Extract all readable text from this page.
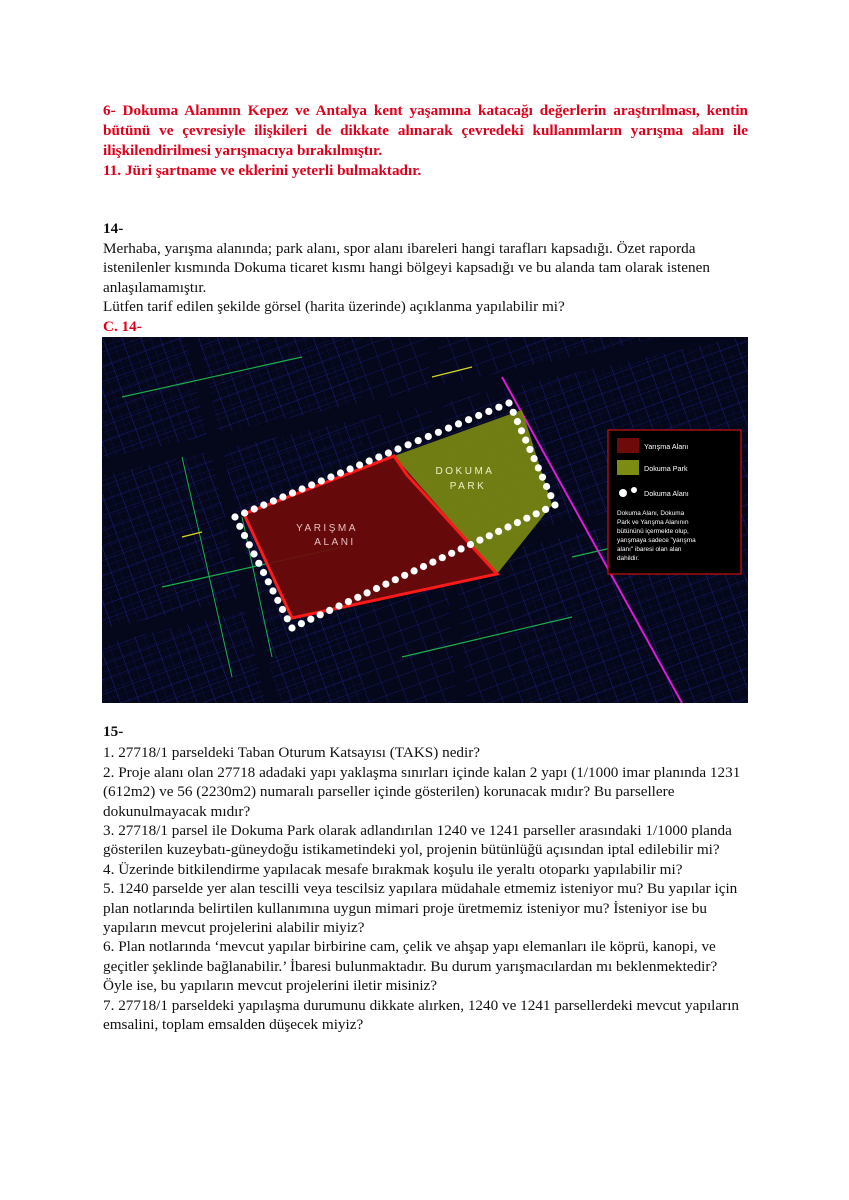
6- Dokuma Alanının Kepez ve Antalya kent yaşamına katacağı değerlerin araştırılması, kentin bütünü ve çevresiyle ilişkileri de dikkate alınarak çevredeki kullanımların yarışma alanı ile ilişkilendirilmesi yarışmacıya bırakılmıştır.

11. Jüri şartname ve eklerini yeterli bulmaktadır.

14-

Merhaba, yarışma alanında; park alanı, spor alanı ibareleri hangi tarafları kapsadığı. Özet raporda istenilenler kısmında Dokuma ticaret kısmı hangi bölgeyi kapsadığı ve bu alanda tam olarak istenen anlaşılamamıştır.

Lütfen tarif edilen şekilde görsel (harita üzerinde) açıklanma yapılabilir mi?

C. 14-

YARIŞMA
ALANI
DOKUMA
PARK
Yarışma Alanı
Dokuma Park
Dokuma Alanı
Dokuma Alanı, Dokuma
Park ve Yarışma Alanının
bütününü içermekte olup,
yarışmaya sadece "yarışma
alanı" ibaresi olan alan
dahildir.

15-

1. 27718/1 parseldeki Taban Oturum Katsayısı (TAKS) nedir?

2. Proje alanı olan 27718 adadaki yapı yaklaşma sınırları içinde kalan 2 yapı (1/1000 imar planında 1231 (612m2) ve 56 (2230m2) numaralı parseller içinde gösterilen) korunacak mıdır? Bu parsellere dokunulmayacak mıdır?

3. 27718/1 parsel ile Dokuma Park olarak adlandırılan 1240 ve 1241 parseller arasındaki 1/1000 planda gösterilen kuzeybatı-güneydoğu istikametindeki yol, projenin bütünlüğü açısından iptal edilebilir mi?

4. Üzerinde bitkilendirme yapılacak mesafe bırakmak koşulu ile yeraltı otoparkı yapılabilir mi?

5. 1240 parselde yer alan tescilli veya tescilsiz yapılara müdahale etmemiz isteniyor mu? Bu yapılar için plan notlarında belirtilen kullanımına uygun mimari proje üretmemiz isteniyor mu? İsteniyor ise bu yapıların mevcut projelerini alabilir miyiz?

6. Plan notlarında ‘mevcut yapılar birbirine cam, çelik ve ahşap yapı elemanları ile köprü, kanopi, ve geçitler şeklinde bağlanabilir.’ İbaresi bulunmaktadır. Bu durum yarışmacılardan mı beklenmektedir? Öyle ise, bu yapıların mevcut projelerini iletir misiniz?

7. 27718/1 parseldeki yapılaşma durumunu dikkate alırken, 1240 ve 1241 parsellerdeki mevcut yapıların emsalini, toplam emsalden düşecek miyiz?
